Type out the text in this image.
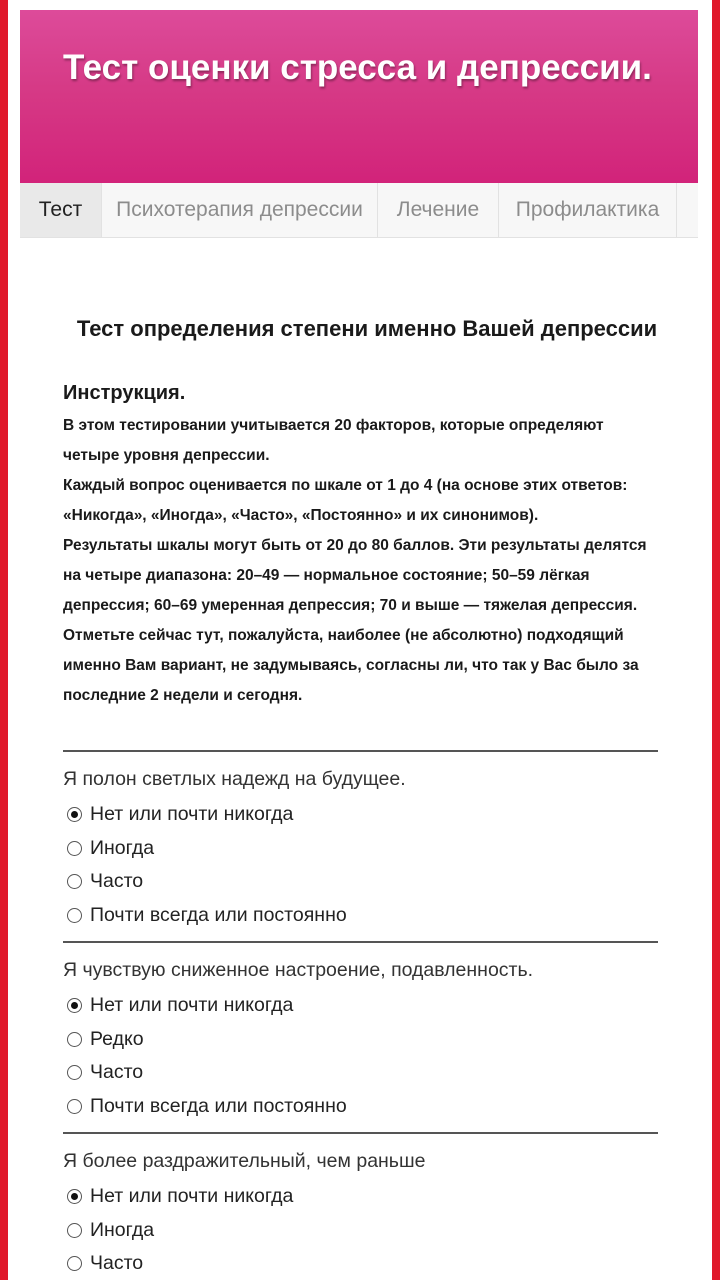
Тест оценки стресса и депрессии.
Тест	Психотерапия депрессии	Лечение	Профилактика
Тест определения степени именно Вашей депрессии
Инструкция.
В этом тестировании учитывается 20 факторов, которые определяют
четыре уровня депрессии.
Каждый вопрос оценивается по шкале от 1 до 4 (на основе этих ответов:
«Никогда», «Иногда», «Часто», «Постоянно» и их синонимов).
Результаты шкалы могут быть от 20 до 80 баллов. Эти результаты делятся
на четыре диапазона: 20–49 — нормальное состояние; 50–59 лёгкая
депрессия; 60–69 умеренная депрессия; 70 и выше — тяжелая депрессия.
Отметьте сейчас тут, пожалуйста, наиболее (не абсолютно) подходящий
именно Вам вариант, не задумываясь, согласны ли, что так у Вас было за
последние 2 недели и сегодня.

Я полон светлых надежд на будущее.

Нет или почти никогда
Иногда
Часто
Почти всегда или постоянно

Я чувствую сниженное настроение, подавленность.

Нет или почти никогда
Редко
Часто
Почти всегда или постоянно

Я более раздражительный, чем раньше

Нет или почти никогда
Иногда
Часто
